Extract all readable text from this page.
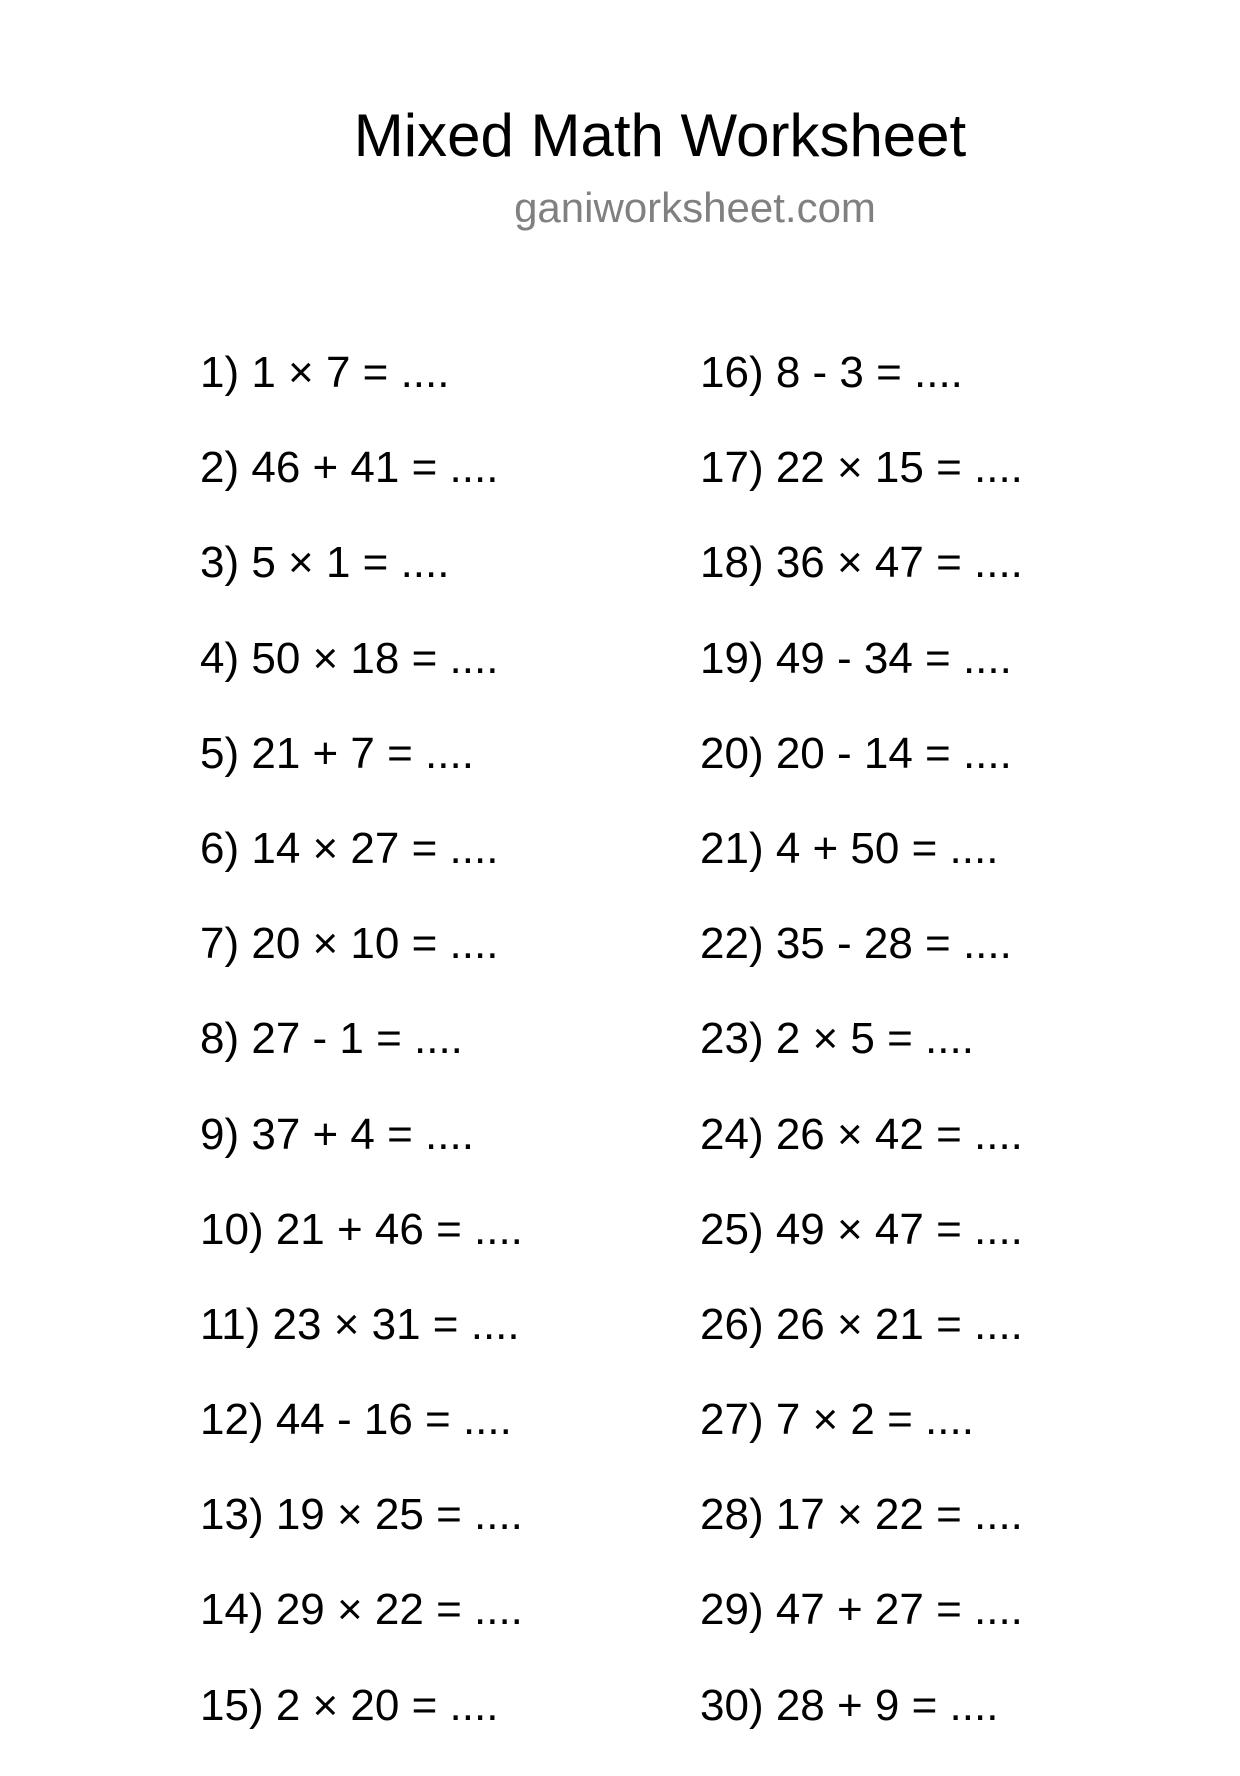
Mixed Math Worksheet
ganiworksheet.com
1) 1 × 7 = ....
2) 46 + 41 = ....
3) 5 × 1 = ....
4) 50 × 18 = ....
5) 21 + 7 = ....
6) 14 × 27 = ....
7) 20 × 10 = ....
8) 27 - 1 = ....
9) 37 + 4 = ....
10) 21 + 46 = ....
11) 23 × 31 = ....
12) 44 - 16 = ....
13) 19 × 25 = ....
14) 29 × 22 = ....
15) 2 × 20 = ....
16) 8 - 3 = ....
17) 22 × 15 = ....
18) 36 × 47 = ....
19) 49 - 34 = ....
20) 20 - 14 = ....
21) 4 + 50 = ....
22) 35 - 28 = ....
23) 2 × 5 = ....
24) 26 × 42 = ....
25) 49 × 47 = ....
26) 26 × 21 = ....
27) 7 × 2 = ....
28) 17 × 22 = ....
29) 47 + 27 = ....
30) 28 + 9 = ....
